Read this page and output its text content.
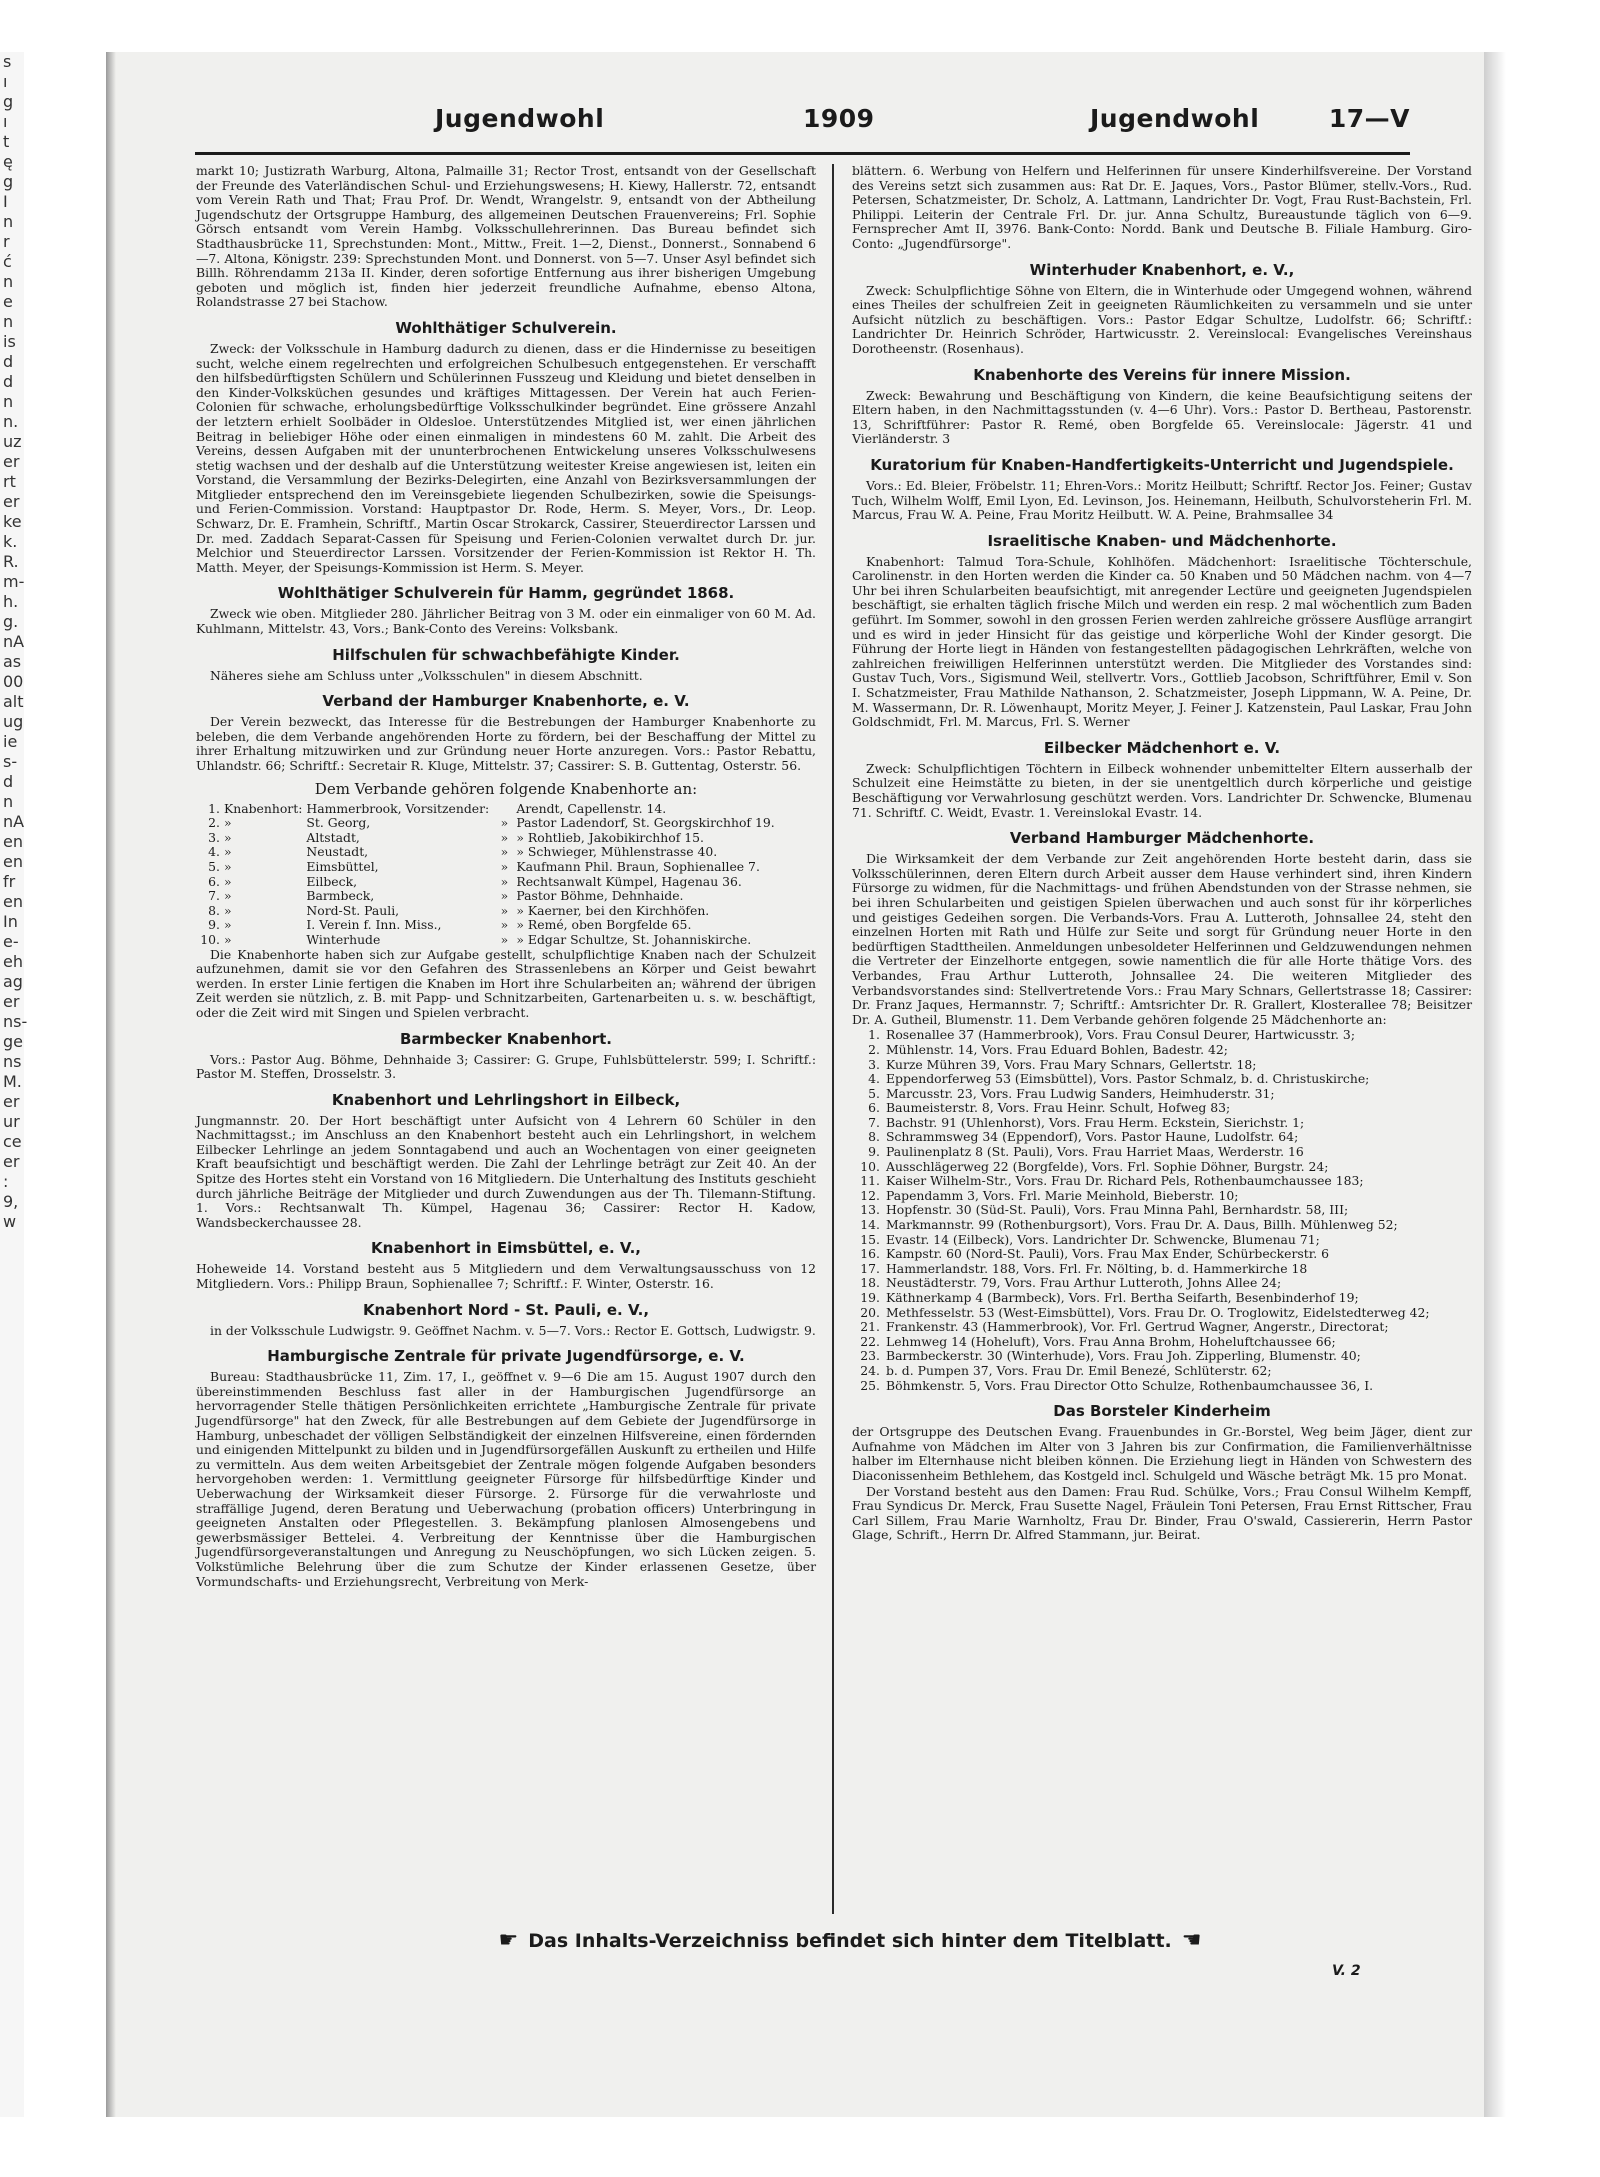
s
ı
g
ı
t
ę
g
I
n
r
ć
n
e
n
is
d
d
n
n.
uz
er
rt
er
ke
k.
R.
m-
h.
g.
nA
as
00
alt
ug
ie
s-
d
n
nA
en
en
fr
en
In
e-
eh
ag
er
ns-
ge
ns
M.
er
ur
ce
er
: 9,
w
Jugendwohl	1909	Jugendwohl	17—V

markt 10; Justizrath Warburg, Altona, Palmaille 31; Rector Trost, entsandt von der Gesellschaft der Freunde des Vaterländischen Schul- und Erziehungswesens; H. Kiewy, Hallerstr. 72, entsandt vom Verein Rath und That; Frau Prof. Dr. Wendt, Wrangelstr. 9, entsandt von der Abtheilung Jugendschutz der Ortsgruppe Hamburg, des allgemeinen Deutschen Frauenvereins; Frl. Sophie Görsch entsandt vom Verein Hambg. Volksschullehrerinnen. Das Bureau befindet sich Stadthausbrücke 11, Sprechstunden: Mont., Mittw., Freit. 1—2, Dienst., Donnerst., Sonnabend 6—7. Altona, Königstr. 239: Sprechstunden Mont. und Donnerst. von 5—7. Unser Asyl befindet sich Billh. Röhrendamm 213a II. Kinder, deren sofortige Entfernung aus ihrer bisherigen Umgebung geboten und möglich ist, finden hier jederzeit freundliche Aufnahme, ebenso Altona, Rolandstrasse 27 bei Stachow.

Wohlthätiger Schulverein.

Zweck: der Volksschule in Hamburg dadurch zu dienen, dass er die Hindernisse zu beseitigen sucht, welche einem regelrechten und erfolgreichen Schulbesuch entgegenstehen. Er verschafft den hilfsbedürftigsten Schülern und Schülerinnen Fusszeug und Kleidung und bietet denselben in den Kinder-Volksküchen gesundes und kräftiges Mittagessen. Der Verein hat auch Ferien-Colonien für schwache, erholungsbedürftige Volksschulkinder begründet. Eine grössere Anzahl der letztern erhielt Soolbäder in Oldesloe. Unterstützendes Mitglied ist, wer einen jährlichen Beitrag in beliebiger Höhe oder einen einmaligen in mindestens 60 M. zahlt. Die Arbeit des Vereins, dessen Aufgaben mit der ununterbrochenen Entwickelung unseres Volksschulwesens stetig wachsen und der deshalb auf die Unterstützung weitester Kreise angewiesen ist, leiten ein Vorstand, die Versammlung der Bezirks-Delegirten, eine Anzahl von Bezirksversammlungen der Mitglieder entsprechend den im Vereinsgebiete liegenden Schulbezirken, sowie die Speisungs- und Ferien-Commission. Vorstand: Hauptpastor Dr. Rode, Herm. S. Meyer, Vors., Dr. Leop. Schwarz, Dr. E. Framhein, Schriftf., Martin Oscar Strokarck, Cassirer, Steuerdirector Larssen und Dr. med. Zaddach Separat-Cassen für Speisung und Ferien-Colonien verwaltet durch Dr. jur. Melchior und Steuerdirector Larssen. Vorsitzender der Ferien-Kommission ist Rektor H. Th. Matth. Meyer, der Speisungs-Kommission ist Herm. S. Meyer.

Wohlthätiger Schulverein für Hamm, gegründet 1868.

Zweck wie oben. Mitglieder 280. Jährlicher Beitrag von 3 M. oder ein einmaliger von 60 M. Ad. Kuhlmann, Mittelstr. 43, Vors.; Bank-Conto des Vereins: Volksbank.

Hilfschulen für schwachbefähigte Kinder.

Näheres siehe am Schluss unter „Volksschulen" in diesem Abschnitt.

Verband der Hamburger Knabenhorte, e. V.

Der Verein bezweckt, das Interesse für die Bestrebungen der Hamburger Knabenhorte zu beleben, die dem Verbande angehörenden Horte zu fördern, bei der Beschaffung der Mittel zu ihrer Erhaltung mitzuwirken und zur Gründung neuer Horte anzuregen. Vors.: Pastor Rebattu, Uhlandstr. 66; Schriftf.: Secretair R. Kluge, Mittelstr. 37; Cassirer: S. B. Guttentag, Osterstr. 56.

Dem Verbande gehören folgende Knabenhorte an:
1.	Knabenhort:	Hammerbrook, Vorsitzender:		Arendt, Capellenstr. 14.
2.	»	St. Georg,	»	Pastor Ladendorf, St. Georgskirchhof 19.
3.	»	Altstadt,	»	» Rohtlieb, Jakobikirchhof 15.
4.	»	Neustadt,	»	» Schwieger, Mühlenstrasse 40.
5.	»	Eimsbüttel,	»	Kaufmann Phil. Braun, Sophienallee 7.
6.	»	Eilbeck,	»	Rechtsanwalt Kümpel, Hagenau 36.
7.	»	Barmbeck,	»	Pastor Böhme, Dehnhaide.
8.	»	Nord-St. Pauli,	»	» Kaerner, bei den Kirchhöfen.
9.	»	I. Verein f. Inn. Miss.,	»	» Remé, oben Borgfelde 65.
10.	»	Winterhude	»	» Edgar Schultze, St. Johanniskirche.

Die Knabenhorte haben sich zur Aufgabe gestellt, schulpflichtige Knaben nach der Schulzeit aufzunehmen, damit sie vor den Gefahren des Strassenlebens an Körper und Geist bewahrt werden. In erster Linie fertigen die Knaben im Hort ihre Schularbeiten an; während der übrigen Zeit werden sie nützlich, z. B. mit Papp- und Schnitzarbeiten, Gartenarbeiten u. s. w. beschäftigt, oder die Zeit wird mit Singen und Spielen verbracht.

Barmbecker Knabenhort.

Vors.: Pastor Aug. Böhme, Dehnhaide 3; Cassirer: G. Grupe, Fuhlsbüttelerstr. 599; I. Schriftf.: Pastor M. Steffen, Drosselstr. 3.

Knabenhort und Lehrlingshort in Eilbeck,

Jungmannstr. 20. Der Hort beschäftigt unter Aufsicht von 4 Lehrern 60 Schüler in den Nachmittagsst.; im Anschluss an den Knabenhort besteht auch ein Lehrlingshort, in welchem Eilbecker Lehrlinge an jedem Sonntagabend und auch an Wochentagen von einer geeigneten Kraft beaufsichtigt und beschäftigt werden. Die Zahl der Lehrlinge beträgt zur Zeit 40. An der Spitze des Hortes steht ein Vorstand von 16 Mitgliedern. Die Unterhaltung des Instituts geschieht durch jährliche Beiträge der Mitglieder und durch Zuwendungen aus der Th. Tilemann-Stiftung. 1. Vors.: Rechtsanwalt Th. Kümpel, Hagenau 36; Cassirer: Rector H. Kadow, Wandsbeckerchaussee 28.

Knabenhort in Eimsbüttel, e. V.,

Hoheweide 14. Vorstand besteht aus 5 Mitgliedern und dem Verwaltungsausschuss von 12 Mitgliedern. Vors.: Philipp Braun, Sophienallee 7; Schriftf.: F. Winter, Osterstr. 16.

Knabenhort Nord - St. Pauli, e. V.,

in der Volksschule Ludwigstr. 9. Geöffnet Nachm. v. 5—7. Vors.: Rector E. Gottsch, Ludwigstr. 9.

Hamburgische Zentrale für private Jugendfürsorge, e. V.

Bureau: Stadthausbrücke 11, Zim. 17, I., geöffnet v. 9—6 Die am 15. August 1907 durch den übereinstimmenden Beschluss fast aller in der Hamburgischen Jugendfürsorge an hervorragender Stelle thätigen Persönlichkeiten errichtete „Hamburgische Zentrale für private Jugendfürsorge" hat den Zweck, für alle Bestrebungen auf dem Gebiete der Jugendfürsorge in Hamburg, unbeschadet der völligen Selbständigkeit der einzelnen Hilfsvereine, einen fördernden und einigenden Mittelpunkt zu bilden und in Jugendfürsorgefällen Auskunft zu ertheilen und Hilfe zu vermitteln. Aus dem weiten Arbeitsgebiet der Zentrale mögen folgende Aufgaben besonders hervorgehoben werden: 1. Vermittlung geeigneter Fürsorge für hilfsbedürftige Kinder und Ueberwachung der Wirksamkeit dieser Fürsorge. 2. Fürsorge für die verwahrloste und straffällige Jugend, deren Beratung und Ueberwachung (probation officers) Unterbringung in geeigneten Anstalten oder Pflegestellen. 3. Bekämpfung planlosen Almosengebens und gewerbsmässiger Bettelei. 4. Verbreitung der Kenntnisse über die Hamburgischen Jugendfürsorgeveranstaltungen und Anregung zu Neuschöpfungen, wo sich Lücken zeigen. 5. Volkstümliche Belehrung über die zum Schutze der Kinder erlassenen Gesetze, über Vormundschafts- und Erziehungsrecht, Verbreitung von Merk-

blättern. 6. Werbung von Helfern und Helferinnen für unsere Kinderhilfsvereine. Der Vorstand des Vereins setzt sich zusammen aus: Rat Dr. E. Jaques, Vors., Pastor Blümer, stellv.-Vors., Rud. Petersen, Schatzmeister, Dr. Scholz, A. Lattmann, Landrichter Dr. Vogt, Frau Rust-Bachstein, Frl. Philippi. Leiterin der Centrale Frl. Dr. jur. Anna Schultz, Bureaustunde täglich von 6—9. Fernsprecher Amt II, 3976. Bank-Conto: Nordd. Bank und Deutsche B. Filiale Hamburg. Giro-Conto: „Jugendfürsorge".

Winterhuder Knabenhort, e. V.,

Zweck: Schulpflichtige Söhne von Eltern, die in Winterhude oder Umgegend wohnen, während eines Theiles der schulfreien Zeit in geeigneten Räumlichkeiten zu versammeln und sie unter Aufsicht nützlich zu beschäftigen. Vors.: Pastor Edgar Schultze, Ludolfstr. 66; Schriftf.: Landrichter Dr. Heinrich Schröder, Hartwicusstr. 2. Vereinslocal: Evangelisches Vereinshaus Dorotheenstr. (Rosenhaus).

Knabenhorte des Vereins für innere Mission.

Zweck: Bewahrung und Beschäftigung von Kindern, die keine Beaufsichtigung seitens der Eltern haben, in den Nachmittagsstunden (v. 4—6 Uhr). Vors.: Pastor D. Bertheau, Pastorenstr. 13, Schriftführer: Pastor R. Remé, oben Borgfelde 65. Vereinslocale: Jägerstr. 41 und Vierländerstr. 3

Kuratorium für Knaben-Handfertigkeits-Unterricht und Jugendspiele.

Vors.: Ed. Bleier, Fröbelstr. 11; Ehren-Vors.: Moritz Heilbutt; Schriftf. Rector Jos. Feiner; Gustav Tuch, Wilhelm Wolff, Emil Lyon, Ed. Levinson, Jos. Heinemann, Heilbuth, Schulvorsteherin Frl. M. Marcus, Frau W. A. Peine, Frau Moritz Heilbutt. W. A. Peine, Brahmsallee 34

Israelitische Knaben- und Mädchenhorte.

Knabenhort: Talmud Tora-Schule, Kohlhöfen. Mädchenhort: Israelitische Töchterschule, Carolinenstr. in den Horten werden die Kinder ca. 50 Knaben und 50 Mädchen nachm. von 4—7 Uhr bei ihren Schularbeiten beaufsichtigt, mit anregender Lectüre und geeigneten Jugendspielen beschäftigt, sie erhalten täglich frische Milch und werden ein resp. 2 mal wöchentlich zum Baden geführt. Im Sommer, sowohl in den grossen Ferien werden zahlreiche grössere Ausflüge arrangirt und es wird in jeder Hinsicht für das geistige und körperliche Wohl der Kinder gesorgt. Die Führung der Horte liegt in Händen von festangestellten pädagogischen Lehrkräften, welche von zahlreichen freiwilligen Helferinnen unterstützt werden. Die Mitglieder des Vorstandes sind: Gustav Tuch, Vors., Sigismund Weil, stellvertr. Vors., Gottlieb Jacobson, Schriftführer, Emil v. Son I. Schatzmeister, Frau Mathilde Nathanson, 2. Schatzmeister, Joseph Lippmann, W. A. Peine, Dr. M. Wassermann, Dr. R. Löwenhaupt, Moritz Meyer, J. Feiner J. Katzenstein, Paul Laskar, Frau John Goldschmidt, Frl. M. Marcus, Frl. S. Werner

Eilbecker Mädchenhort e. V.

Zweck: Schulpflichtigen Töchtern in Eilbeck wohnender unbemittelter Eltern ausserhalb der Schulzeit eine Heimstätte zu bieten, in der sie unentgeltlich durch körperliche und geistige Beschäftigung vor Verwahrlosung geschützt werden. Vors. Landrichter Dr. Schwencke, Blumenau 71. Schriftf. C. Weidt, Evastr. 1. Vereinslokal Evastr. 14.

Verband Hamburger Mädchenhorte.

Die Wirksamkeit der dem Verbande zur Zeit angehörenden Horte besteht darin, dass sie Volksschülerinnen, deren Eltern durch Arbeit ausser dem Hause verhindert sind, ihren Kindern Fürsorge zu widmen, für die Nachmittags- und frühen Abendstunden von der Strasse nehmen, sie bei ihren Schularbeiten und geistigen Spielen überwachen und auch sonst für ihr körperliches und geistiges Gedeihen sorgen. Die Verbands-Vors. Frau A. Lutteroth, Johnsallee 24, steht den einzelnen Horten mit Rath und Hülfe zur Seite und sorgt für Gründung neuer Horte in den bedürftigen Stadttheilen. Anmeldungen unbesoldeter Helferinnen und Geldzuwendungen nehmen die Vertreter der Einzelhorte entgegen, sowie namentlich die für alle Horte thätige Vors. des Verbandes, Frau Arthur Lutteroth, Johnsallee 24. Die weiteren Mitglieder des Verbandsvorstandes sind: Stellvertretende Vors.: Frau Mary Schnars, Gellertstrasse 18; Cassirer: Dr. Franz Jaques, Hermannstr. 7; Schriftf.: Amtsrichter Dr. R. Grallert, Klosterallee 78; Beisitzer Dr. A. Gutheil, Blumenstr. 11. Dem Verbande gehören folgende 25 Mädchenhorte an:

1. Rosenallee 37 (Hammerbrook), Vors. Frau Consul Deurer, Hartwicusstr. 3;
2. Mühlenstr. 14, Vors. Frau Eduard Bohlen, Badestr. 42;
3. Kurze Mühren 39, Vors. Frau Mary Schnars, Gellertstr. 18;
4. Eppendorferweg 53 (Eimsbüttel), Vors. Pastor Schmalz, b. d. Christuskirche;
5. Marcusstr. 23, Vors. Frau Ludwig Sanders, Heimhuderstr. 31;
6. Baumeisterstr. 8, Vors. Frau Heinr. Schult, Hofweg 83;
7. Bachstr. 91 (Uhlenhorst), Vors. Frau Herm. Eckstein, Sierichstr. 1;
8. Schrammsweg 34 (Eppendorf), Vors. Pastor Haune, Ludolfstr. 64;
9. Paulinenplatz 8 (St. Pauli), Vors. Frau Harriet Maas, Werderstr. 16
10. Ausschlägerweg 22 (Borgfelde), Vors. Frl. Sophie Döhner, Burgstr. 24;
11. Kaiser Wilhelm-Str., Vors. Frau Dr. Richard Pels, Rothenbaumchaussee 183;
12. Papendamm 3, Vors. Frl. Marie Meinhold, Bieberstr. 10;
13. Hopfenstr. 30 (Süd-St. Pauli), Vors. Frau Minna Pahl, Bernhardstr. 58, III;
14. Markmannstr. 99 (Rothenburgsort), Vors. Frau Dr. A. Daus, Billh. Mühlenweg 52;
15. Evastr. 14 (Eilbeck), Vors. Landrichter Dr. Schwencke, Blumenau 71;
16. Kampstr. 60 (Nord-St. Pauli), Vors. Frau Max Ender, Schürbeckerstr. 6
17. Hammerlandstr. 188, Vors. Frl. Fr. Nölting, b. d. Hammerkirche 18
18. Neustädterstr. 79, Vors. Frau Arthur Lutteroth, Johns Allee 24;
19. Käthnerkamp 4 (Barmbeck), Vors. Frl. Bertha Seifarth, Besenbinderhof 19;
20. Methfesselstr. 53 (West-Eimsbüttel), Vors. Frau Dr. O. Troglowitz, Eidelstedterweg 42;
21. Frankenstr. 43 (Hammerbrook), Vor. Frl. Gertrud Wagner, Angerstr., Directorat;
22. Lehmweg 14 (Hoheluft), Vors. Frau Anna Brohm, Hoheluftchaussee 66;
23. Barmbeckerstr. 30 (Winterhude), Vors. Frau Joh. Zipperling, Blumenstr. 40;
24. b. d. Pumpen 37, Vors. Frau Dr. Emil Benezé, Schlüterstr. 62;
25. Böhmkenstr. 5, Vors. Frau Director Otto Schulze, Rothenbaumchaussee 36, I.
Das Borsteler Kinderheim

der Ortsgruppe des Deutschen Evang. Frauenbundes in Gr.-Borstel, Weg beim Jäger, dient zur Aufnahme von Mädchen im Alter von 3 Jahren bis zur Confirmation, die Familienverhältnisse halber im Elternhause nicht bleiben können. Die Erziehung liegt in Händen von Schwestern des Diaconissenheim Bethlehem, das Kostgeld incl. Schulgeld und Wäsche beträgt Mk. 15 pro Monat.

Der Vorstand besteht aus den Damen: Frau Rud. Schülke, Vors.; Frau Consul Wilhelm Kempff, Frau Syndicus Dr. Merck, Frau Susette Nagel, Fräulein Toni Petersen, Frau Ernst Rittscher, Frau Carl Sillem, Frau Marie Warnholtz, Frau Dr. Binder, Frau O'swald, Cassiererin, Herrn Pastor Glage, Schrift., Herrn Dr. Alfred Stammann, jur. Beirat.

☛ Das Inhalts-Verzeichniss befindet sich hinter dem Titelblatt. ☚
V. 2
